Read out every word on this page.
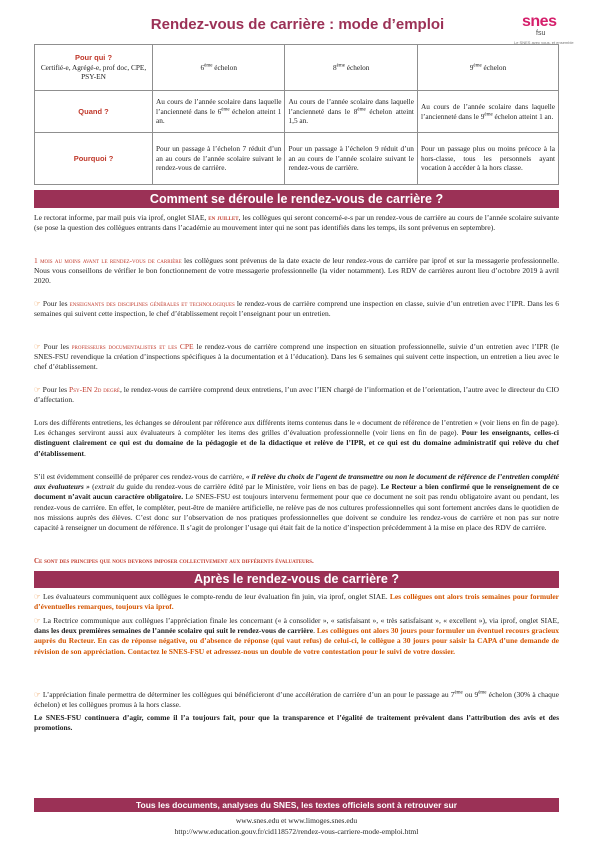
Rendez-vous de carrière : mode d’emploi	snes
fsu
Le SNES avec vous, et ensemble
Pour qui ?
Certifié-e, Agrégé-e, prof doc, CPE, PSY-EN	6ème échelon	8ème échelon	9ème échelon

Quand ?	Au cours de l’année scolaire dans laquelle l’ancienneté dans le 6ème échelon atteint 1 an.	Au cours de l’année scolaire dans laquelle l’ancienneté dans le 8ème échelon atteint 1,5 an.	Au cours de l’année scolaire dans laquelle l’ancienneté dans le 9ème échelon atteint 1 an.

Pourquoi ?	Pour un passage à l’échelon 7 réduit d’un an au cours de l’année scolaire suivant le rendez-vous de carrière.	Pour un passage à l’échelon 9 réduit d’un an au cours de l’année scolaire suivant le rendez-vous de carrière.	Pour un passage plus ou moins précoce à la hors-classe, tous les personnels ayant vocation à accéder à la hors classe.
Comment se déroule le rendez-vous de carrière ?

Le rectorat informe, par mail puis via iprof, onglet SIAE, en juillet, les collègues qui seront concerné-e-s par un rendez-vous de carrière au cours de l’année scolaire suivante (se pose la question des collègues entrants dans l’académie au mouvement inter qui ne sont pas identifiés dans les temps, ils sont prévenus en septembre).

1 mois au moins avant le rendez-vous de carrière les collègues sont prévenus de la date exacte de leur rendez-vous de carrière par iprof et sur la messagerie professionnelle. Nous vous conseillons de vérifier le bon fonctionnement de votre messagerie professionnelle (la vider notamment). Les RDV de carrières auront lieu d’octobre 2019 à avril 2020.

☞ Pour les enseignants des disciplines générales et technologiques le rendez-vous de carrière comprend une inspection en classe, suivie d’un entretien avec l’IPR. Dans les 6 semaines qui suivent cette inspection, le chef d’établissement reçoit l’enseignant pour un entretien.

☞ Pour les professeurs documentalistes et les CPE le rendez-vous de carrière comprend une inspection en situation professionnelle, suivie d’un entretien avec l’IPR (le SNES-FSU revendique la création d’inspections spécifiques à la documentation et à l’éducation). Dans les 6 semaines qui suivent cette inspection, un entretien a lieu avec le chef d’établissement.

☞ Pour les Psy-EN 2d degré, le rendez-vous de carrière comprend deux entretiens, l’un avec l’IEN chargé de l’information et de l’orientation, l’autre avec le directeur du CIO d’affectation.

Lors des différents entretiens, les échanges se déroulent par référence aux différents items contenus dans le « document de référence de l’entretien » (voir liens en fin de page). Les échanges serviront aussi aux évaluateurs à compléter les items des grilles d’évaluation professionnelle (voir liens en fin de page). Pour les enseignants, celles-ci distinguent clairement ce qui est du domaine de la pédagogie et de la didactique et relève de l’IPR, et ce qui est du domaine administratif qui relève du chef d’établissement.

S’il est évidemment conseillé de préparer ces rendez-vous de carrière, « il relève du choix de l’agent de transmettre ou non le document de référence de l’entretien complété aux évaluateurs » (extrait du guide du rendez-vous de carrière édité par le Ministère, voir liens en bas de page). Le Recteur a bien confirmé que le renseignement de ce document n’avait aucun caractère obligatoire. Le SNES-FSU est toujours intervenu fermement pour que ce document ne soit pas rendu obligatoire avant ou pendant, les rendez-vous de carrière. En effet, le compléter, peut-être de manière artificielle, ne relève pas de nos cultures professionnelles qui sont fortement ancrées dans le quotidien de nos missions auprès des élèves. C’est donc sur l’observation de nos pratiques professionnelles que doivent se conduire les rendez-vous de carrière et non pas sur notre capacité à renseigner un document de référence. Il s’agit de prolonger l’usage qui était fait de la notice d’inspection précédemment à la mise en place des RDV de carrière.

Ce sont des principes que nous devrons imposer collectivement aux différents évaluateurs.

Après le rendez-vous de carrière ?

☞ Les évaluateurs communiquent aux collègues le compte-rendu de leur évaluation fin juin, via iprof, onglet SIAE. Les collègues ont alors trois semaines pour formuler d’éventuelles remarques, toujours via iprof.

☞ La Rectrice communique aux collègues l’appréciation finale les concernant (« à consolider », « satisfaisant », « très satisfaisant », « excellent »), via iprof, onglet SIAE, dans les deux premières semaines de l’année scolaire qui suit le rendez-vous de carrière. Les collègues ont alors 30 jours pour formuler un éventuel recours gracieux auprès du Recteur. En cas de réponse négative, ou d’absence de réponse (qui vaut refus) de celui-ci, le collègue a 30 jours pour saisir la CAPA d’une demande de révision de son appréciation. Contactez le SNES-FSU et adressez-nous un double de votre contestation pour le suivi de votre dossier.

☞ L’appréciation finale permettra de déterminer les collègues qui bénéficieront d’une accélération de carrière d’un an pour le passage au 7ème ou 9ème échelon (30% à chaque échelon) et les collègues promus à la hors classe.

Le SNES-FSU continuera d’agir, comme il l’a toujours fait, pour que la transparence et l’égalité de traitement prévalent dans l’attribution des avis et des promotions.

Tous les documents, analyses du SNES, les textes officiels sont à retrouver sur
www.snes.edu et www.limoges.snes.edu
http://www.education.gouv.fr/cid118572/rendez-vous-carriere-mode-emploi.html
